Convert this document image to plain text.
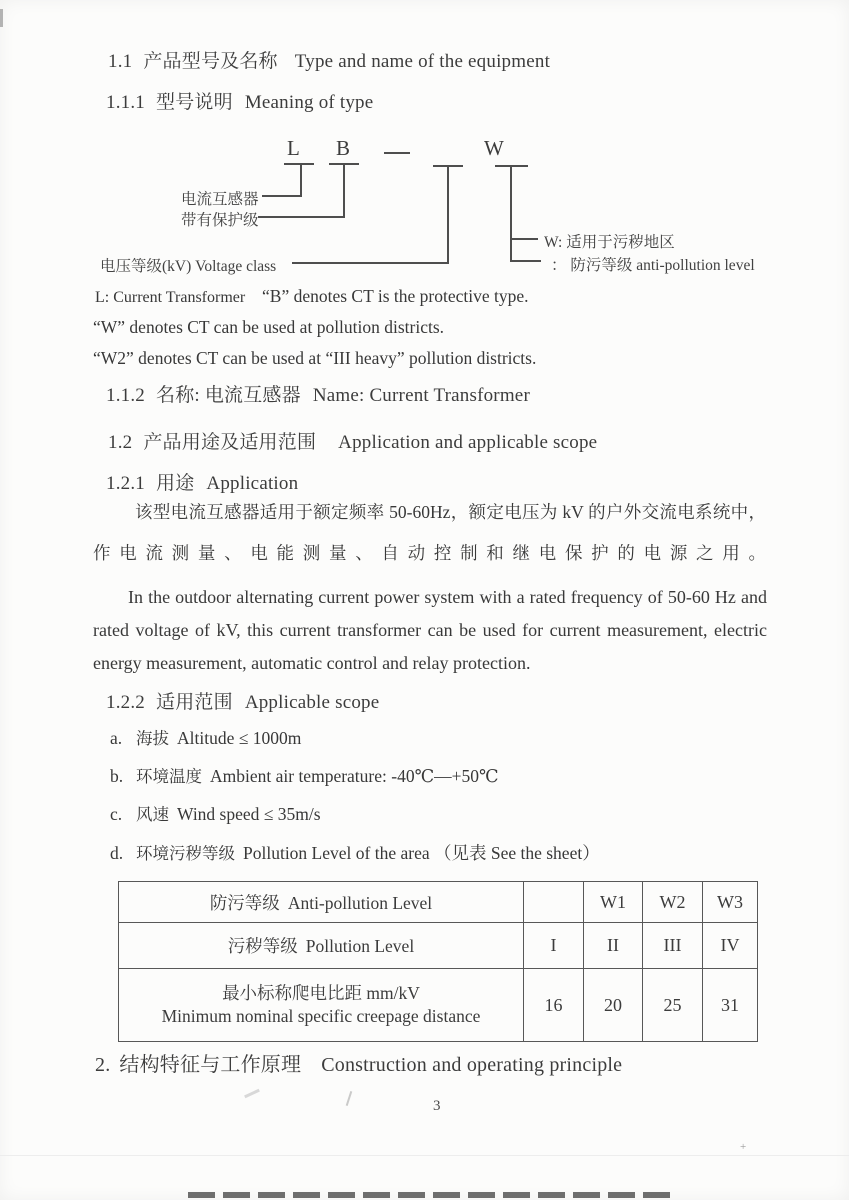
1.1 产品型号及名称 Type and name of the equipment
1.1.1 型号说明 Meaning of type
L B	W
电流互感器
带有保护级
电压等级(kV) Voltage class
W: 适用于污秽地区
： 防污等级 anti-pollution level
L: Current Transformer “B” denotes CT is the protective type.
“W” denotes CT can be used at pollution districts.
“W2” denotes CT can be used at “III heavy” pollution districts.
1.1.2 名称: 电流互感器 Name: Current Transformer
1.2 产品用途及适用范围 Application and applicable scope
1.2.1 用途 Application
该型电流互感器适用于额定频率 50-60Hz，额定电压为 kV 的户外交流电系统中，作电流测量、电能测量、自动控制和继电保护的电源之用。
In the outdoor alternating current power system with a rated frequency of 50-60 Hz and rated voltage of kV, this current transformer can be used for current measurement, electric energy measurement, automatic control and relay protection.
1.2.2 适用范围 Applicable scope
a. 海拔 Altitude ≤ 1000m
b. 环境温度 Ambient air temperature: -40℃—+50℃
c. 风速 Wind speed ≤ 35m/s
d. 环境污秽等级 Pollution Level of the area （见表 See the sheet）
防污等级 Anti-pollution Level		W1	W2	W3
污秽等级 Pollution Level	I	II	III	IV

最小标称爬电比距 mm/kV
Minimum nominal specific creepage distance	16	20	25	31
2. 结构特征与工作原理 Construction and operating principle
3
+
